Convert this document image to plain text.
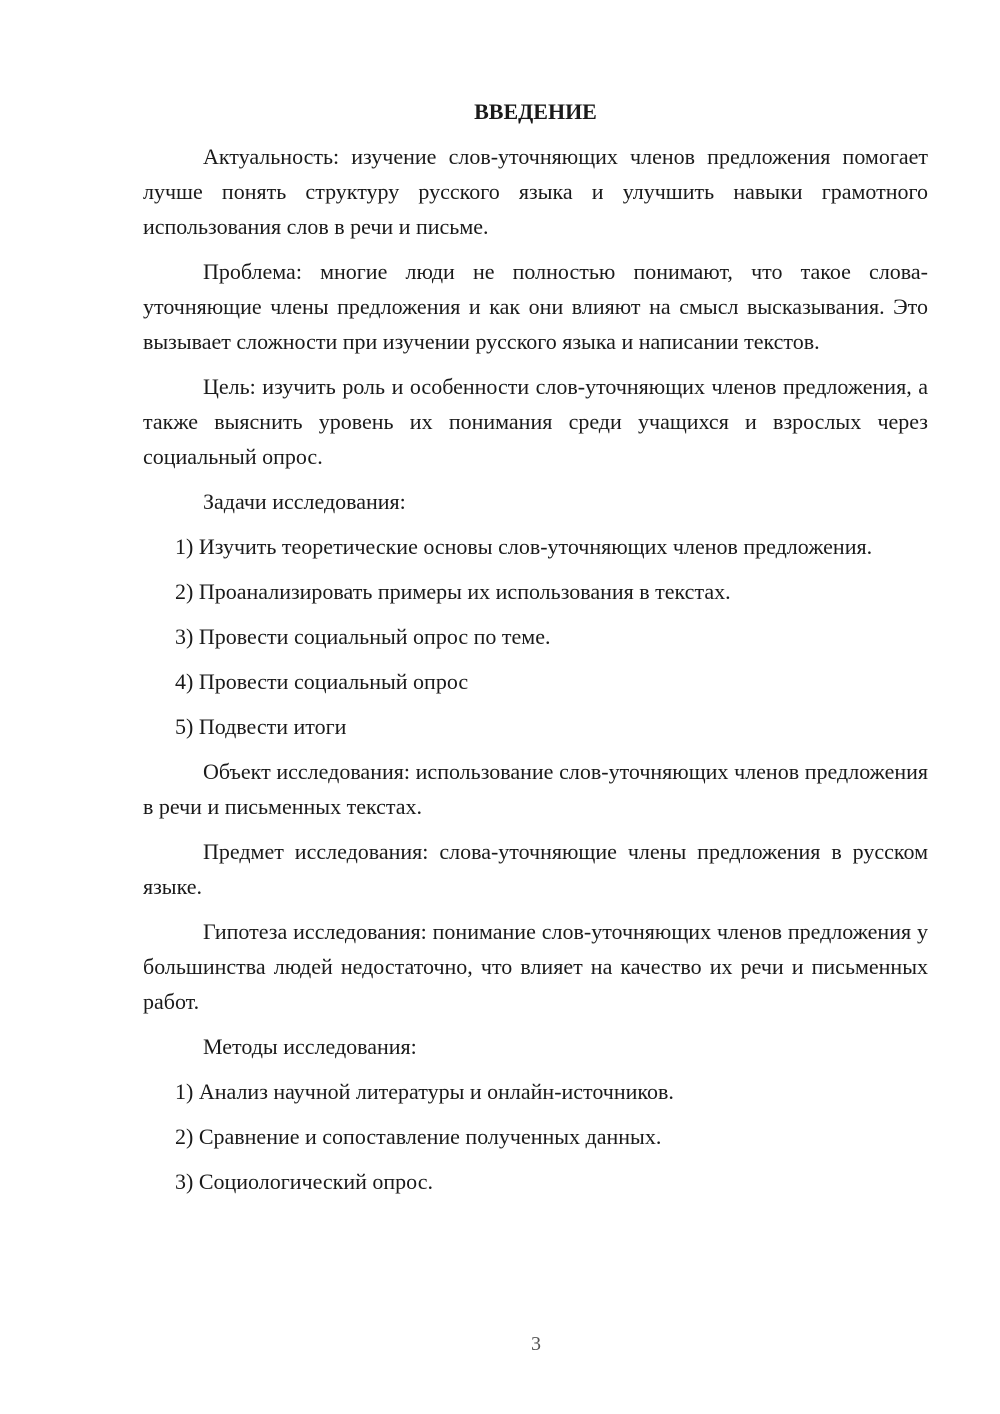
ВВЕДЕНИЕ

Актуальность: изучение слов-уточняющих членов предложения помогает лучше понять структуру русского языка и улучшить навыки грамотного использования слов в речи и письме.

Проблема: многие люди не полностью понимают, что такое слова-уточняющие члены предложения и как они влияют на смысл высказывания. Это вызывает сложности при изучении русского языка и написании текстов.

Цель: изучить роль и особенности слов-уточняющих членов предложения, а также выяснить уровень их понимания среди учащихся и взрослых через социальный опрос.

Задачи исследования:

1) Изучить теоретические основы слов-уточняющих членов предложения.

2) Проанализировать примеры их использования в текстах.

3) Провести социальный опрос по теме.

4) Провести социальный опрос

5) Подвести итоги

Объект исследования: использование слов-уточняющих членов предложения в речи и письменных текстах.

Предмет исследования: слова-уточняющие члены предложения в русском языке.

Гипотеза исследования: понимание слов-уточняющих членов предложения у большинства людей недостаточно, что влияет на качество их речи и письменных работ.

Методы исследования:

1) Анализ научной литературы и онлайн-источников.

2) Сравнение и сопоставление полученных данных.

3) Социологический опрос.

3
